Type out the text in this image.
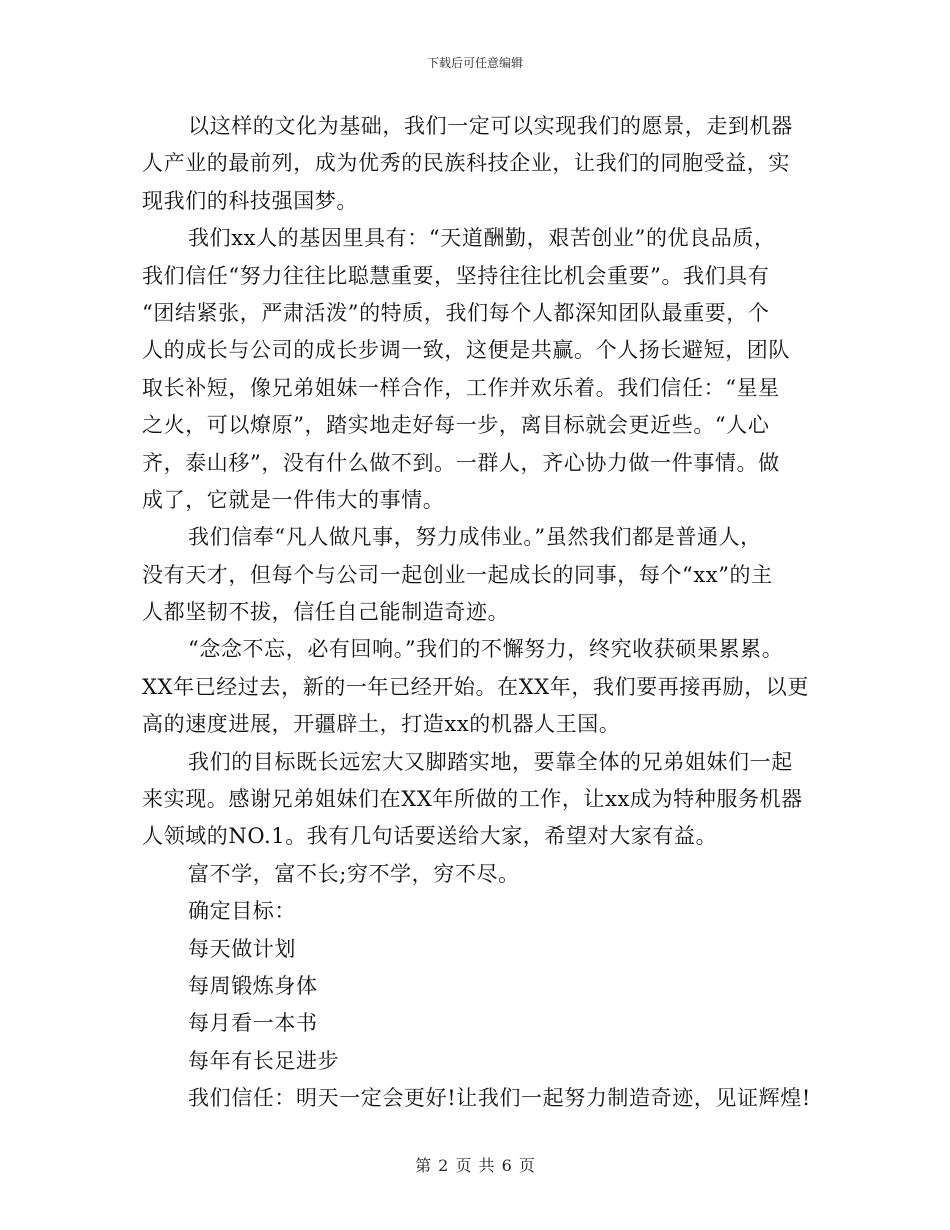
下载后可任意编辑
以这样的文化为基础，我们一定可以实现我们的愿景，走到机器
人产业的最前列，成为优秀的民族科技企业，让我们的同胞受益，实
现我们的科技强国梦。
我们xx人的基因里具有：“天道酬勤，艰苦创业”的优良品质，
我们信任“努力往往比聪慧重要，坚持往往比机会重要”。我们具有
“团结紧张，严肃活泼”的特质，我们每个人都深知团队最重要，个
人的成长与公司的成长步调一致，这便是共赢。个人扬长避短，团队
取长补短，像兄弟姐妹一样合作，工作并欢乐着。我们信任：“星星
之火，可以燎原”，踏实地走好每一步，离目标就会更近些。“人心
齐，泰山移”，没有什么做不到。一群人，齐心协力做一件事情。做
成了，它就是一件伟大的事情。
我们信奉“凡人做凡事，努力成伟业。”虽然我们都是普通人，
没有天才，但每个与公司一起创业一起成长的同事，每个“xx”的主
人都坚韧不拔，信任自己能制造奇迹。
“念念不忘，必有回响。”我们的不懈努力，终究收获硕果累累。
XX年已经过去，新的一年已经开始。在XX年，我们要再接再励，以更
高的速度进展，开疆辟土，打造xx的机器人王国。
我们的目标既长远宏大又脚踏实地，要靠全体的兄弟姐妹们一起
来实现。感谢兄弟姐妹们在XX年所做的工作，让xx成为特种服务机器
人领域的NO.1。我有几句话要送给大家，希望对大家有益。
富不学，富不长;穷不学，穷不尽。
确定目标：
每天做计划
每周锻炼身体
每月看一本书
每年有长足进步
我们信任：明天一定会更好!让我们一起努力制造奇迹，见证辉煌!
第 2 页 共 6 页
